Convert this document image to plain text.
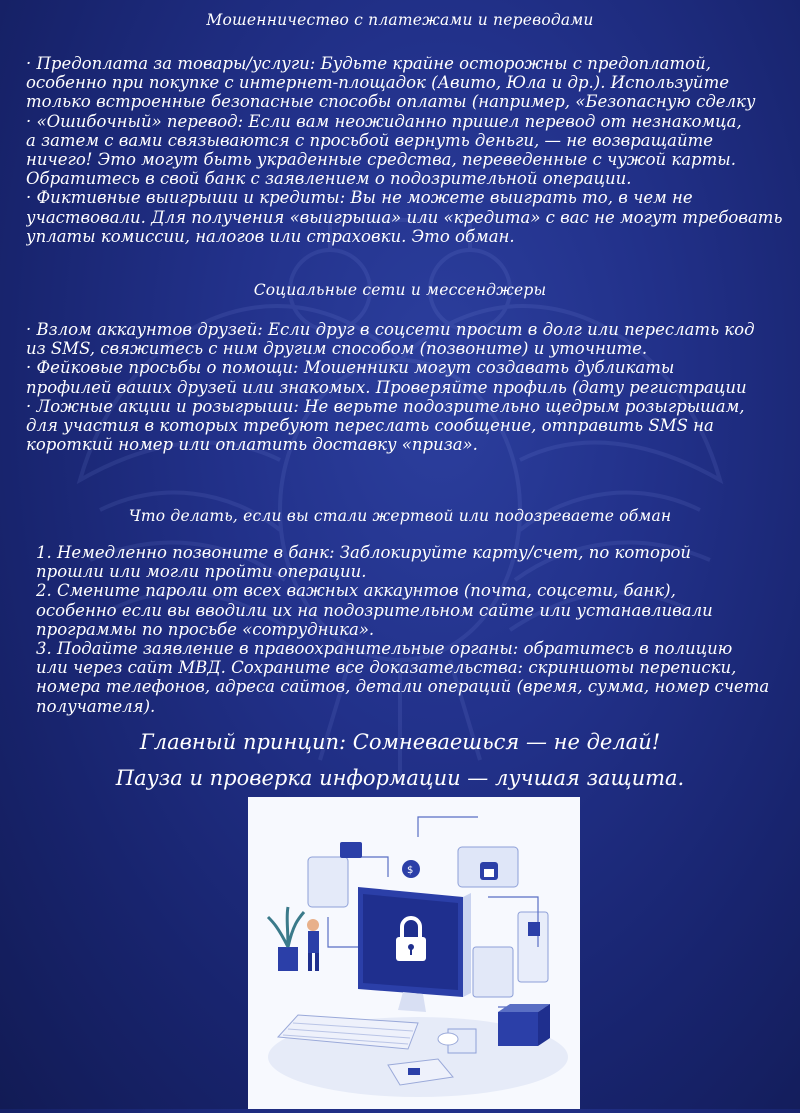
Мошенничество с платежами и переводами
· Предоплата за товары/услуги: Будьте крайне осторожны с предоплатой,
особенно при покупке с интернет-площадок (Авито, Юла и др.). Используйте
только встроенные безопасные способы оплаты (например, «Безопасную сделку
· «Ошибочный» перевод: Если вам неожиданно пришел перевод от незнакомца,
а затем с вами связываются с просьбой вернуть деньги, — не возвращайте
ничего! Это могут быть украденные средства, переведенные с чужой карты.
Обратитесь в свой банк с заявлением о подозрительной операции.
· Фиктивные выигрыши и кредиты: Вы не можете выиграть то, в чем не
участвовали. Для получения «выигрыша» или «кредита» с вас не могут требовать
уплаты комиссии, налогов или страховки. Это обман.
Социальные сети и мессенджеры
· Взлом аккаунтов друзей: Если друг в соцсети просит в долг или переслать код
из SMS, свяжитесь с ним другим способом (позвоните) и уточните.
· Фейковые просьбы о помощи: Мошенники могут создавать дубликаты
профилей ваших друзей или знакомых. Проверяйте профиль (дату регистрации
· Ложные акции и розыгрыши: Не верьте подозрительно щедрым розыгрышам,
для участия в которых требуют переслать сообщение, отправить SMS на
короткий номер или оплатить доставку «приза».
Что делать, если вы стали жертвой или подозреваете обман
1. Немедленно позвоните в банк: Заблокируйте карту/счет, по которой
прошли или могли пройти операции.
2. Смените пароли от всех важных аккаунтов (почта, соцсети, банк),
особенно если вы вводили их на подозрительном сайте или устанавливали
программы по просьбе «сотрудника».
3. Подайте заявление в правоохранительные органы: обратитесь в полицию
или через сайт МВД. Сохраните все доказательства: скриншоты переписки,
номера телефонов, адреса сайтов, детали операций (время, сумма, номер счета
получателя).
Главный принцип: Сомневаешься — не делай!
Пауза и проверка информации — лучшая защита.
$
